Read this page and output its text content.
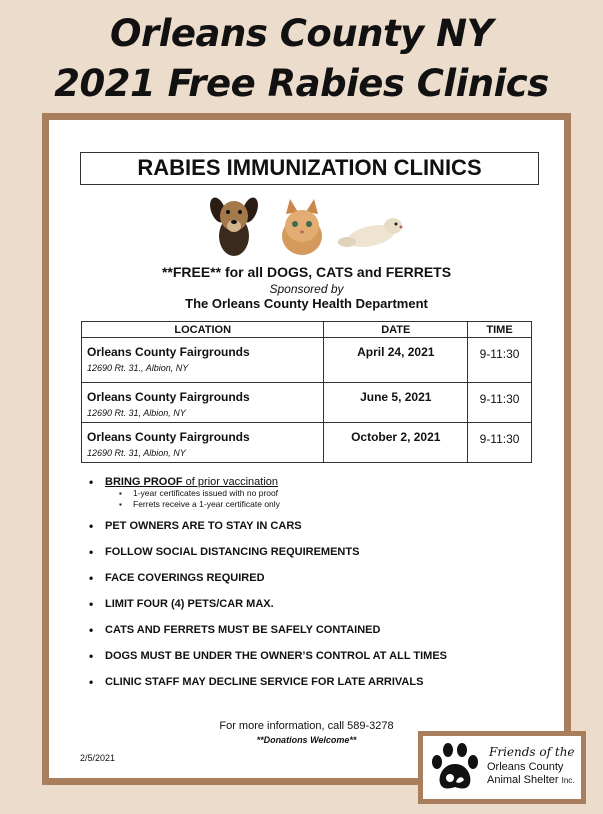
Orleans County NY
2021 Free Rabies Clinics
RABIES IMMUNIZATION CLINICS
**FREE** for all DOGS, CATS and FERRETS
Sponsored by
The Orleans County Health Department
LOCATION	DATE	TIME

Orleans County Fairgrounds
12690 Rt. 31., Albion, NY	April 24, 2021	9-11:30

Orleans County Fairgrounds
12690 Rt. 31, Albion, NY	June 5, 2021	9-11:30

Orleans County Fairgrounds
12690 Rt. 31, Albion, NY	October 2, 2021	9-11:30
• BRING PROOF of prior vaccination
▪ 1-year certificates issued with no proof
▪ Ferrets receive a 1-year certificate only
• PET OWNERS ARE TO STAY IN CARS
• FOLLOW SOCIAL DISTANCING REQUIREMENTS
• FACE COVERINGS REQUIRED
• LIMIT FOUR (4) PETS/CAR MAX.
• CATS AND FERRETS MUST BE SAFELY CONTAINED
• DOGS MUST BE UNDER THE OWNER’S CONTROL AT ALL TIMES
• CLINIC STAFF MAY DECLINE SERVICE FOR LATE ARRIVALS
For more information, call 589-3278
**Donations Welcome**
2/5/2021	Friends of the
Orleans County
Animal Shelter Inc.
